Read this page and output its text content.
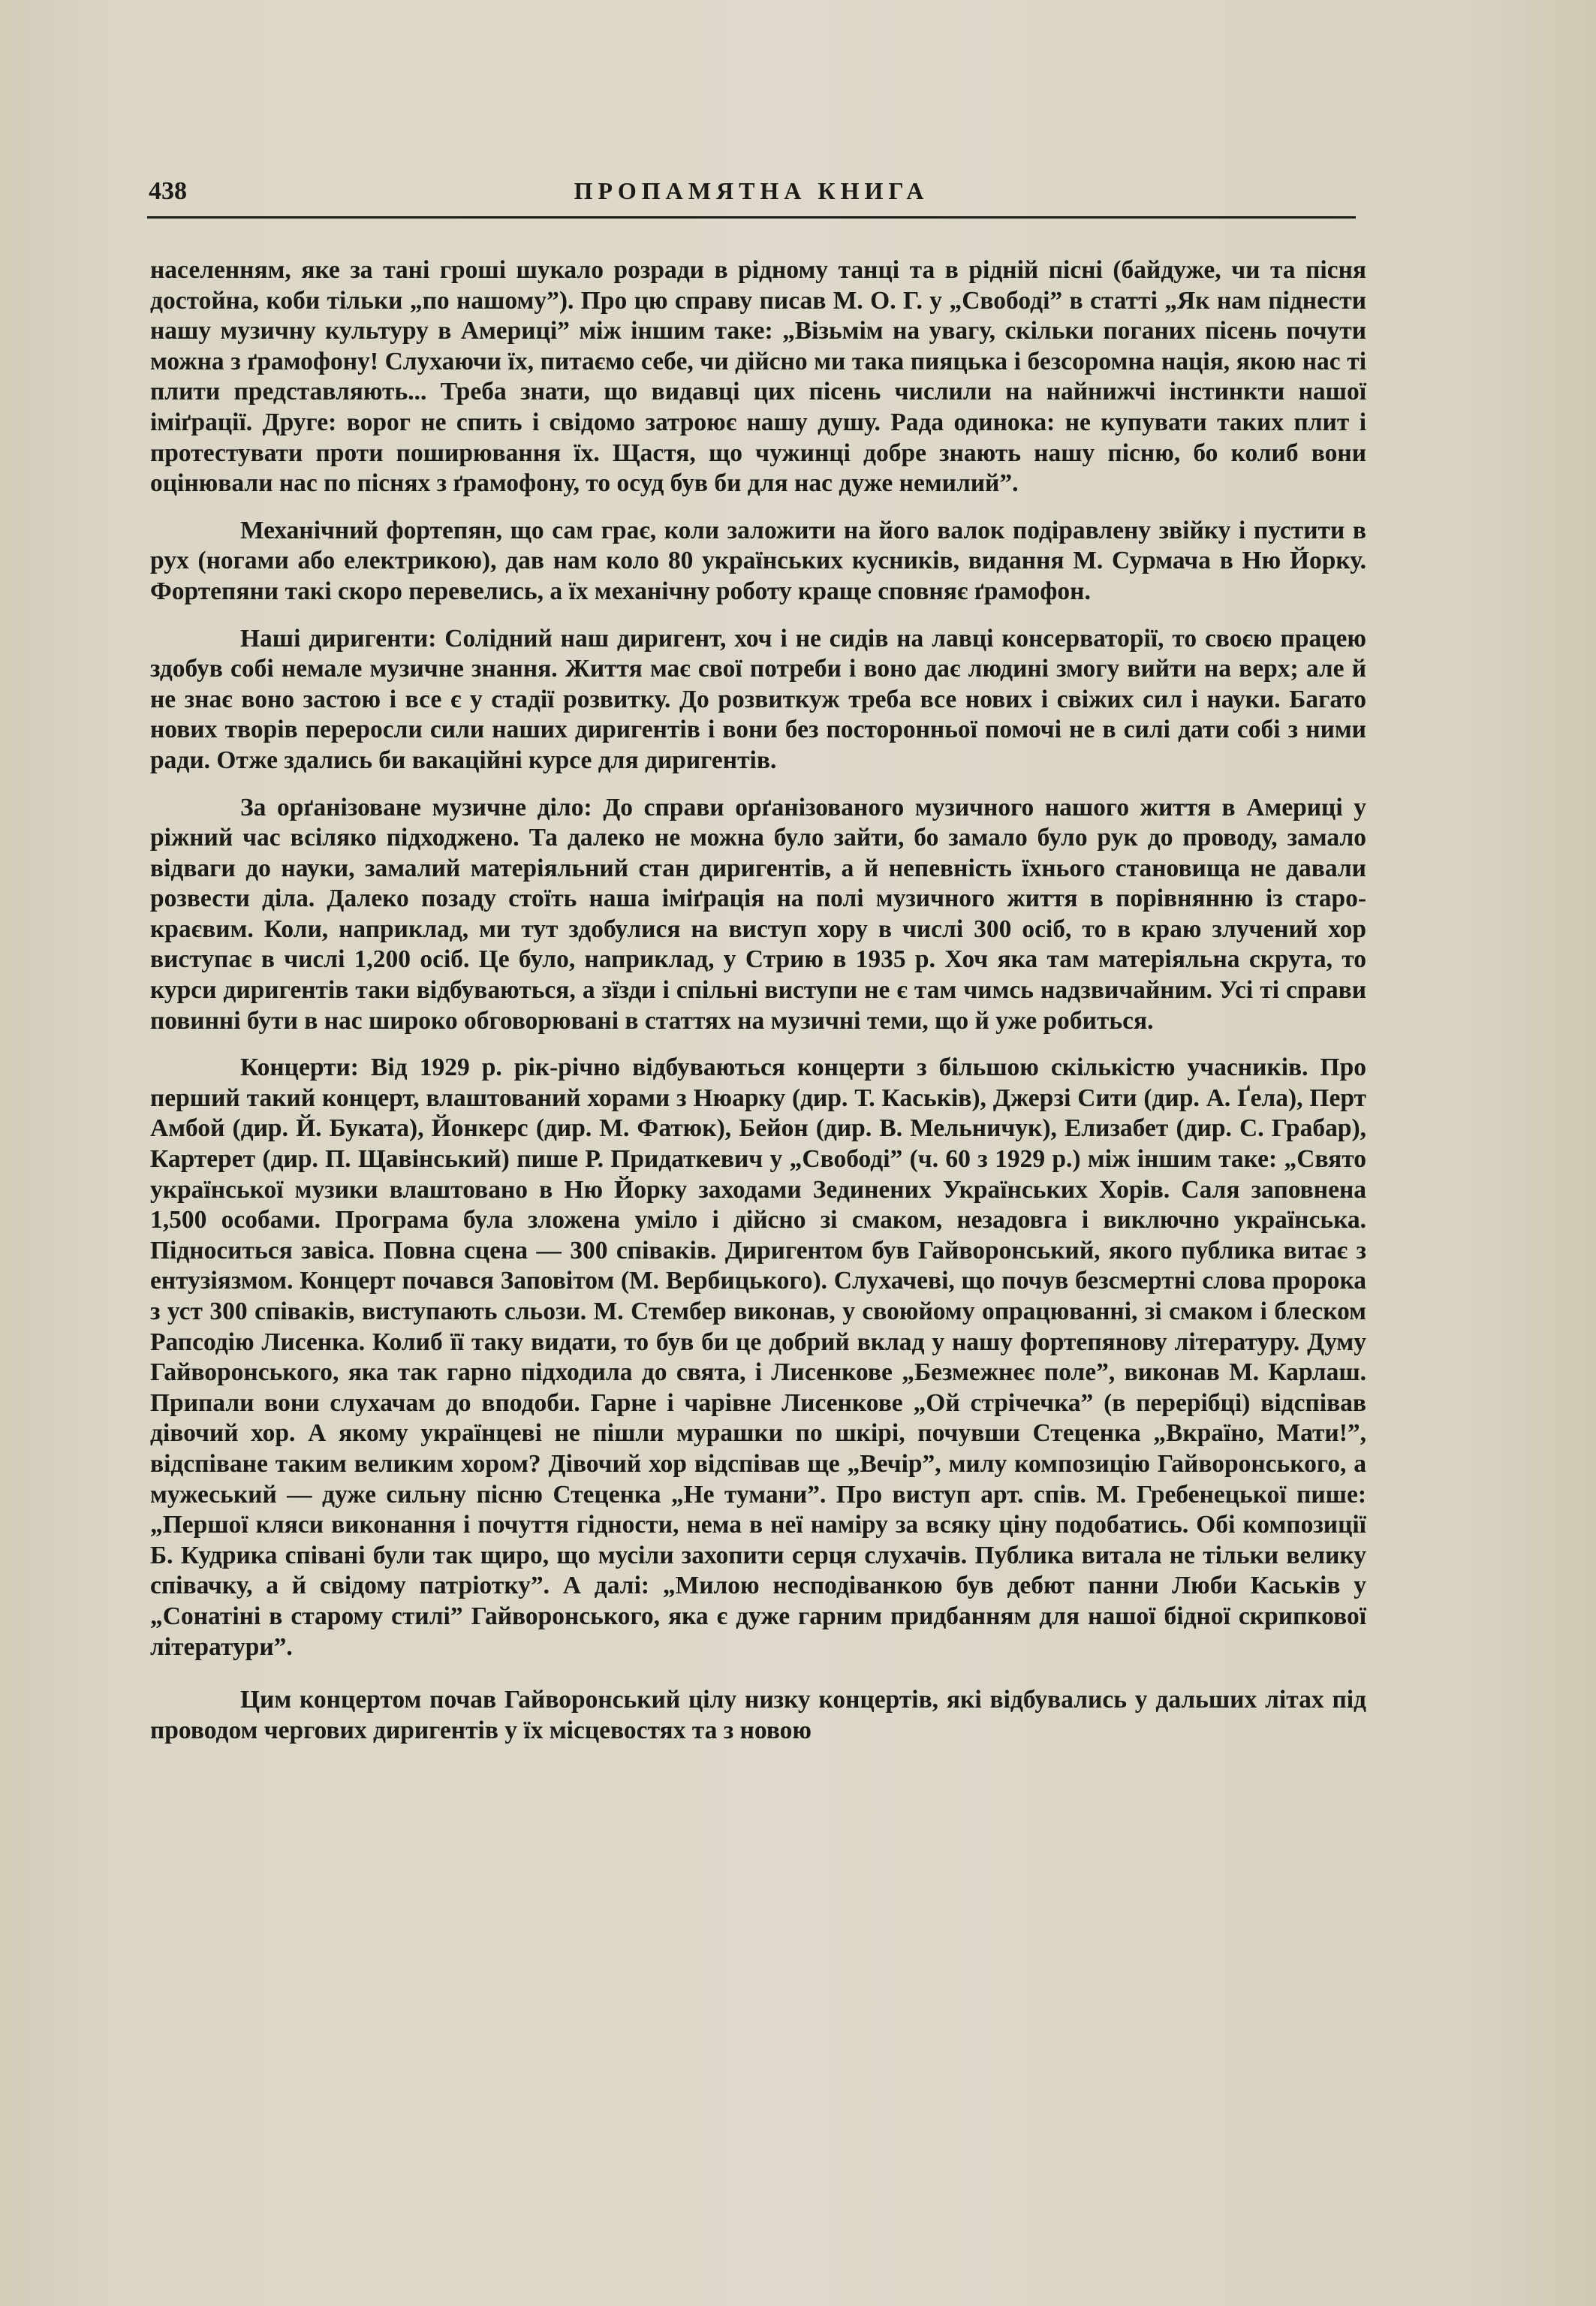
438	ПРОПАМЯТНА КНИГА

населенням, яке за тані гроші шукало розради в рідному танці та в рідній пісні (байдуже, чи та пісня достойна, коби тільки „по нашому”). Про цю справу писав М. О. Г. у „Свободі” в статті „Як нам піднести нашу музичну культуру в Америці” між іншим таке: „Візьмім на увагу, скільки поганих пісень почути можна з ґрамофону! Слухаючи їх, питаємо себе, чи дійсно ми така пияцька і безсоромна нація, якою нас ті плити представляють... Треба знати, що видавці цих пісень числили на найнижчі інстинкти нашої іміґрації. Друге: ворог не спить і свідомо затроює нашу душу. Рада одинока: не купувати таких плит і протестувати проти поширювання їх. Щастя, що чужинці добре знають нашу пісню, бо колиб вони оцінювали нас по піснях з ґрамофону, то осуд був би для нас дуже немилий”.

Механічний фортепян, що сам грає, коли заложити на його валок подіравлену звійку і пустити в рух (ногами або електрикою), дав нам коло 80 українських кусників, видання М. Сурмача в Ню Йорку. Фортепяни такі скоро перевелись, а їх механічну роботу краще сповняє ґрамофон.

Наші диригенти: Солідний наш диригент, хоч і не сидів на лавці консерваторії, то своєю працею здобув собі немале музичне знання. Життя має свої потреби і воно дає людині змогу вийти на верх; але й не знає воно застою і все є у стадії розвитку. До розвиткуж треба все нових і свіжих сил і науки. Багато нових творів переросли сили наших диригентів і вони без посторонньої помочі не в силі дати собі з ними ради. Отже здались би вакаційні курсе для диригентів.

За орґанізоване музичне діло: До справи орґанізованого музичного нашого життя в Америці у ріжний час всіляко підходжено. Та далеко не можна було зайти, бо замало було рук до проводу, замало відваги до науки, замалий матеріяльний стан диригентів, а й непевність їхнього становища не давали розвести діла. Далеко позаду стоїть наша іміґрація на полі музичного життя в порівнянню із старо-краєвим. Коли, наприклад, ми тут здобулися на виступ хору в числі 300 осіб, то в краю злучений хор виступає в числі 1,200 осіб. Це було, наприклад, у Стрию в 1935 р. Хоч яка там матеріяльна скрута, то курси диригентів таки відбуваються, а зїзди і спільні виступи не є там чимсь надзвичайним. Усі ті справи повинні бути в нас широко обговорювані в статтях на музичні теми, що й уже робиться.

Концерти: Від 1929 р. рік-річно відбуваються концерти з більшою скількістю учасників. Про перший такий концерт, влаштований хорами з Нюарку (дир. Т. Каськів), Джерзі Сити (дир. А. Ґела), Перт Амбой (дир. Й. Буката), Йонкерс (дир. М. Фатюк), Бейон (дир. В. Мельничук), Елизабет (дир. С. Грабар), Картерет (дир. П. Щавінський) пише Р. Придаткевич у „Свободі” (ч. 60 з 1929 р.) між іншим таке: „Свято української музики влаштовано в Ню Йорку заходами Зединених Українських Хорів. Саля заповнена 1,500 особами. Програма була зложена уміло і дійсно зі смаком, незадовга і виключно українська. Підноситься завіса. Повна сцена — 300 співаків. Диригентом був Гайворонський, якого публика витає з ентузіязмом. Концерт почався Заповітом (М. Вербицького). Слухачеві, що почув безсмертні слова пророка з уст 300 співаків, виступають сльози. М. Стембер виконав, у своюйому опрацюванні, зі смаком і блеском Рапсодію Лисенка. Колиб її таку видати, то був би це добрий вклад у нашу фортепянову літературу. Думу Гайворонського, яка так гарно підходила до свята, і Лисенкове „Безмежнеє поле”, виконав М. Карлаш. Припали вони слухачам до вподоби. Гарне і чарівне Лисенкове „Ой стрічечка” (в перерібці) відспівав дівочий хор. А якому українцеві не пішли мурашки по шкірі, почувши Стеценка „Вкраїно, Мати!”, відспіване таким великим хором? Дівочий хор відспівав ще „Вечір”, милу композицію Гайворонського, а мужеський — дуже сильну пісню Стеценка „Не тумани”. Про виступ арт. спів. М. Гребенецької пише: „Першої кляси виконання і почуття гідности, нема в неї наміру за всяку ціну подобатись. Обі композиції Б. Кудрика співані були так щиро, що мусіли захопити серця слухачів. Публика витала не тільки велику співачку, а й свідому патріотку”. А далі: „Милою несподіванкою був дебют панни Люби Каськів у „Сонатіні в старому стилі” Гайворонського, яка є дуже гарним придбанням для нашої бідної скрипкової літератури”.

Цим концертом почав Гайворонський цілу низку концертів, які відбувались у дальших літах під проводом чергових диригентів у їх місцевостях та з новою
